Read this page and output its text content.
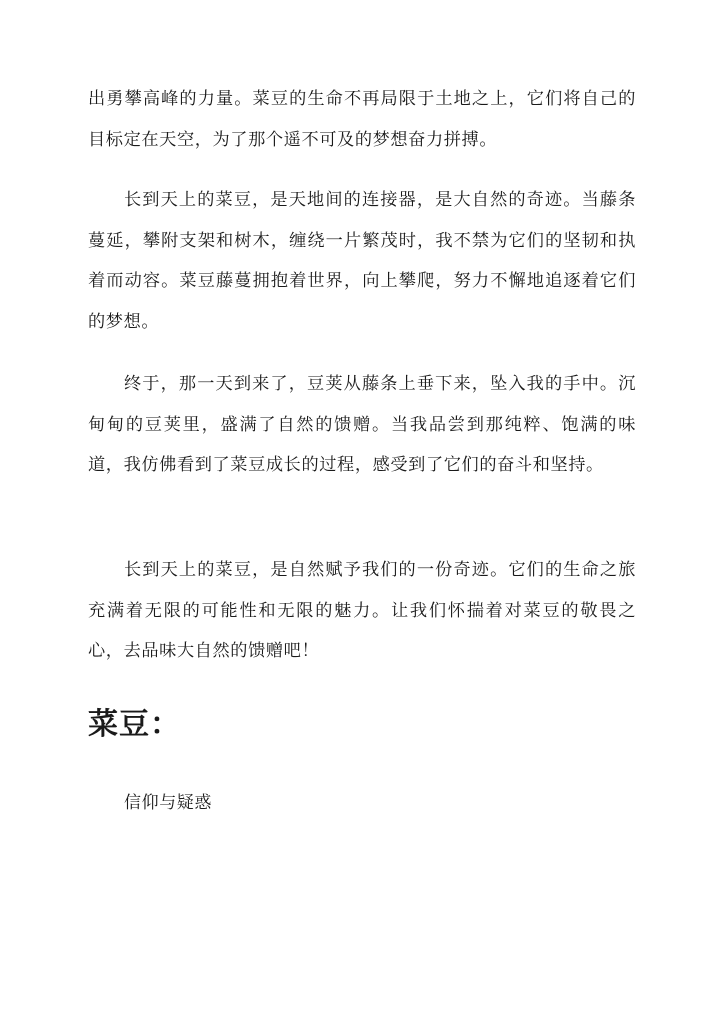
出勇攀高峰的力量。菜豆的生命不再局限于土地之上，它们将自己的目标定在天空，为了那个遥不可及的梦想奋力拼搏。

长到天上的菜豆，是天地间的连接器，是大自然的奇迹。当藤条蔓延，攀附支架和树木，缠绕一片繁茂时，我不禁为它们的坚韧和执着而动容。菜豆藤蔓拥抱着世界，向上攀爬，努力不懈地追逐着它们的梦想。

终于，那一天到来了，豆荚从藤条上垂下来，坠入我的手中。沉甸甸的豆荚里，盛满了自然的馈赠。当我品尝到那纯粹、饱满的味道，我仿佛看到了菜豆成长的过程，感受到了它们的奋斗和坚持。

长到天上的菜豆，是自然赋予我们的一份奇迹。它们的生命之旅充满着无限的可能性和无限的魅力。让我们怀揣着对菜豆的敬畏之心，去品味大自然的馈赠吧！

菜豆：

信仰与疑惑
